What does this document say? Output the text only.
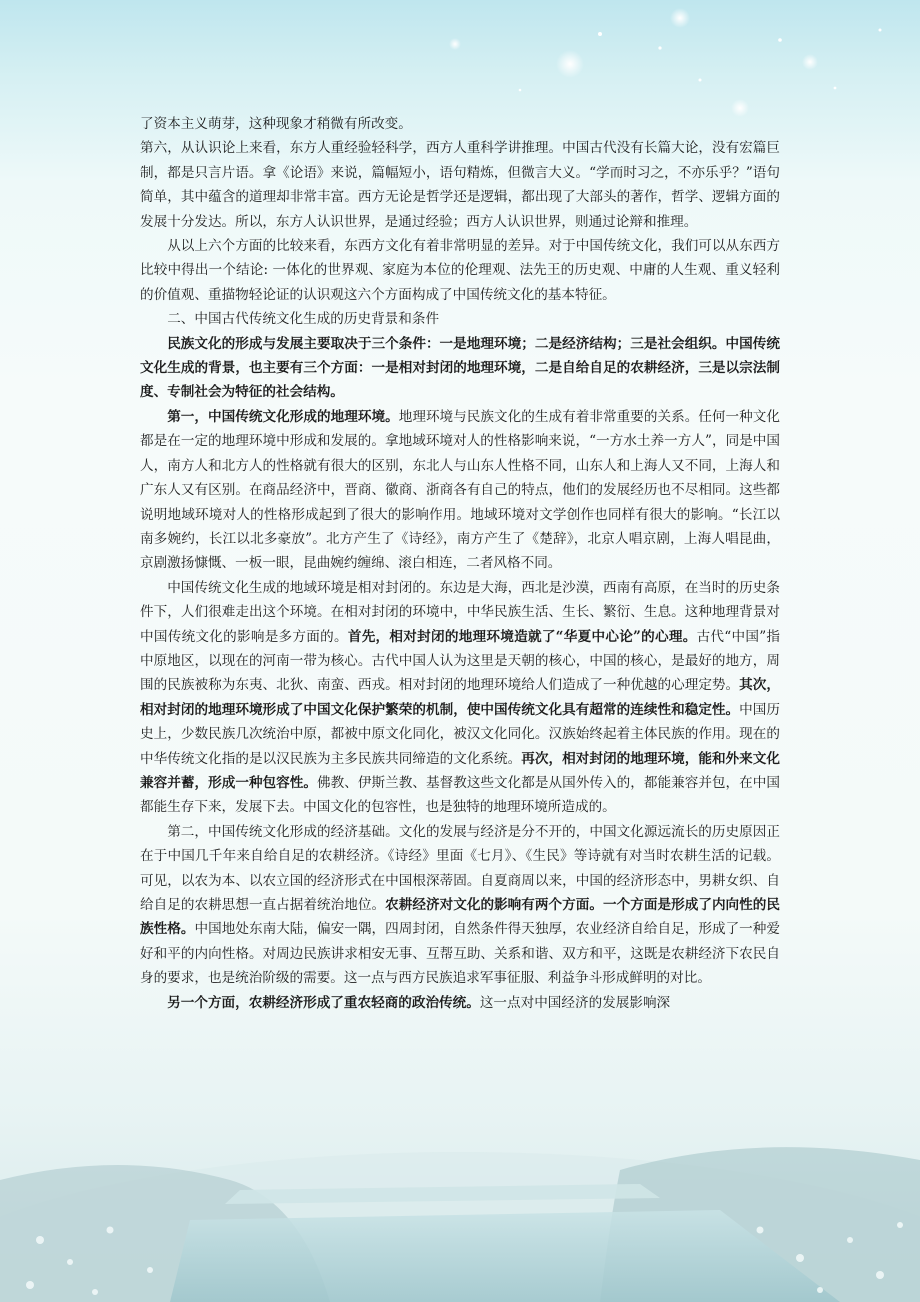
了资本主义萌芽，这种现象才稍微有所改变。

第六，从认识论上来看，东方人重经验轻科学，西方人重科学讲推理。中国古代没有长篇大论，没有宏篇巨制，都是只言片语。拿《论语》来说，篇幅短小，语句精炼，但微言大义。“学而时习之，不亦乐乎？”语句简单，其中蕴含的道理却非常丰富。西方无论是哲学还是逻辑，都出现了大部头的著作，哲学、逻辑方面的发展十分发达。所以，东方人认识世界，是通过经验；西方人认识世界，则通过论辩和推理。

从以上六个方面的比较来看，东西方文化有着非常明显的差异。对于中国传统文化，我们可以从东西方比较中得出一个结论: 一体化的世界观、家庭为本位的伦理观、法先王的历史观、中庸的人生观、重义轻利的价值观、重描物轻论证的认识观这六个方面构成了中国传统文化的基本特征。

二、中国古代传统文化生成的历史背景和条件

民族文化的形成与发展主要取决于三个条件：一是地理环境；二是经济结构；三是社会组织。中国传统文化生成的背景，也主要有三个方面：一是相对封闭的地理环境，二是自给自足的农耕经济，三是以宗法制度、专制社会为特征的社会结构。

第一，中国传统文化形成的地理环境。地理环境与民族文化的生成有着非常重要的关系。任何一种文化都是在一定的地理环境中形成和发展的。拿地域环境对人的性格影响来说，“一方水土养一方人”，同是中国人，南方人和北方人的性格就有很大的区别，东北人与山东人性格不同，山东人和上海人又不同，上海人和广东人又有区别。在商品经济中，晋商、徽商、浙商各有自己的特点，他们的发展经历也不尽相同。这些都说明地域环境对人的性格形成起到了很大的影响作用。地域环境对文学创作也同样有很大的影响。“长江以南多婉约，长江以北多豪放”。北方产生了《诗经》，南方产生了《楚辞》，北京人唱京剧，上海人唱昆曲，京剧激扬慷慨、一板一眼，昆曲婉约缠绵、滚白相连，二者风格不同。

中国传统文化生成的地域环境是相对封闭的。东边是大海，西北是沙漠，西南有高原，在当时的历史条件下，人们很难走出这个环境。在相对封闭的环境中，中华民族生活、生长、繁衍、生息。这种地理背景对中国传统文化的影响是多方面的。首先，相对封闭的地理环境造就了“华夏中心论”的心理。古代“中国”指中原地区，以现在的河南一带为核心。古代中国人认为这里是天朝的核心，中国的核心，是最好的地方，周围的民族被称为东夷、北狄、南蛮、西戎。相对封闭的地理环境给人们造成了一种优越的心理定势。其次，相对封闭的地理环境形成了中国文化保护繁荣的机制，使中国传统文化具有超常的连续性和稳定性。中国历史上，少数民族几次统治中原，都被中原文化同化，被汉文化同化。汉族始终起着主体民族的作用。现在的中华传统文化指的是以汉民族为主多民族共同缔造的文化系统。再次，相对封闭的地理环境，能和外来文化兼容并蓄，形成一种包容性。佛教、伊斯兰教、基督教这些文化都是从国外传入的，都能兼容并包，在中国都能生存下来，发展下去。中国文化的包容性，也是独特的地理环境所造成的。

第二，中国传统文化形成的经济基础。文化的发展与经济是分不开的，中国文化源远流长的历史原因正在于中国几千年来自给自足的农耕经济。《诗经》里面《七月》、《生民》等诗就有对当时农耕生活的记载。可见，以农为本、以农立国的经济形式在中国根深蒂固。自夏商周以来，中国的经济形态中，男耕女织、自给自足的农耕思想一直占据着统治地位。农耕经济对文化的影响有两个方面。一个方面是形成了内向性的民族性格。中国地处东南大陆，偏安一隅，四周封闭，自然条件得天独厚，农业经济自给自足，形成了一种爱好和平的内向性格。对周边民族讲求相安无事、互帮互助、关系和谐、双方和平，这既是农耕经济下农民自身的要求，也是统治阶级的需要。这一点与西方民族追求军事征服、利益争斗形成鲜明的对比。

另一个方面，农耕经济形成了重农轻商的政治传统。这一点对中国经济的发展影响深
